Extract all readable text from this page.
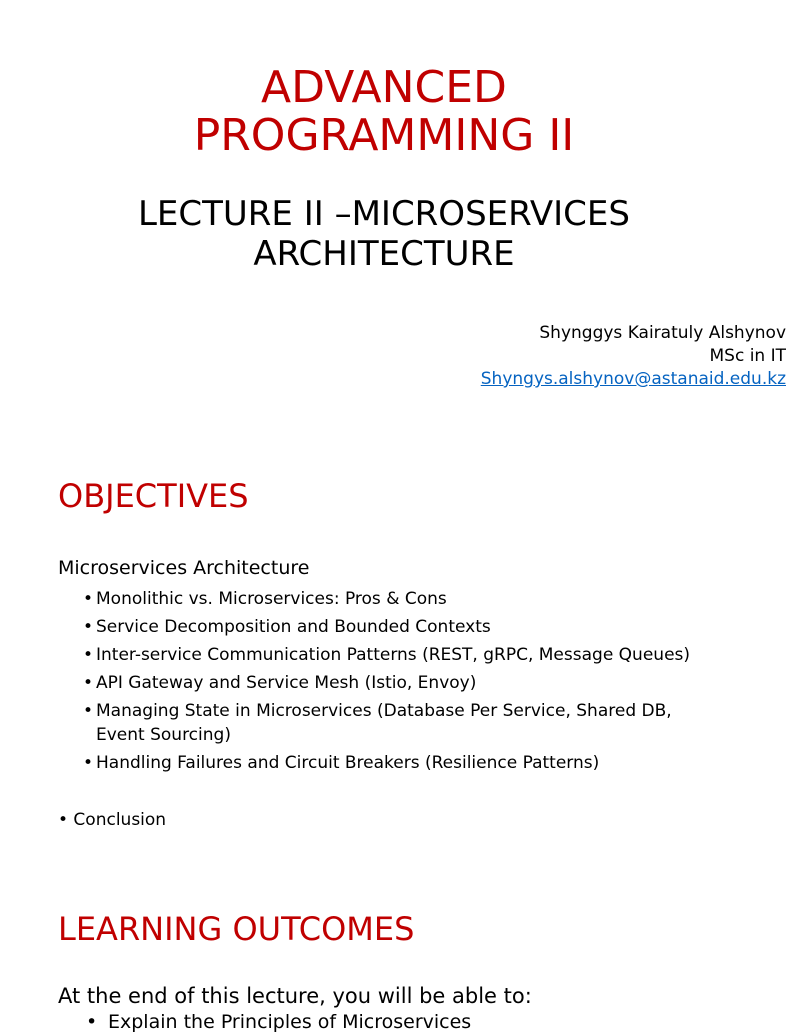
ADVANCED
PROGRAMMING II
LECTURE II –MICROSERVICES
ARCHITECTURE
Shynggys Kairatuly Alshynov
MSc in IT
Shyngys.alshynov@astanaid.edu.kz
OBJECTIVES
Microservices Architecture
• Monolithic vs. Microservices: Pros & Cons
• Service Decomposition and Bounded Contexts
• Inter-service Communication Patterns (REST, gRPC, Message Queues)
• API Gateway and Service Mesh (Istio, Envoy)
• Managing State in Microservices (Database Per Service, Shared DB, Event Sourcing)
• Handling Failures and Circuit Breakers (Resilience Patterns)
• Conclusion
LEARNING OUTCOMES
At the end of this lecture, you will be able to:
• Explain the Principles of Microservices
